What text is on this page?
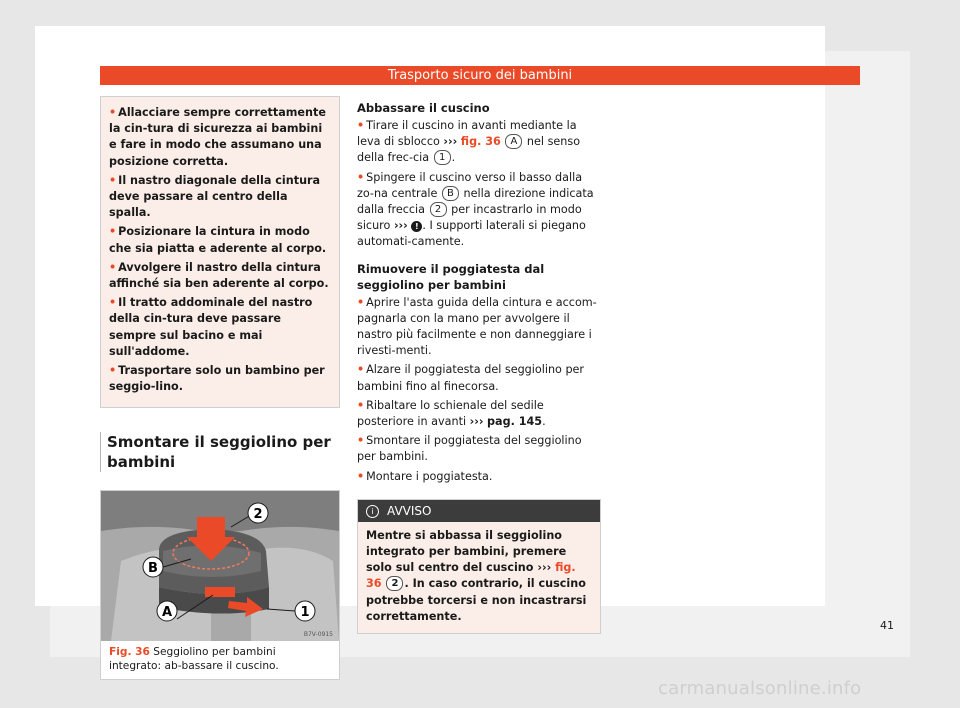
Trasporto sicuro dei bambini

• Allacciare sempre correttamente la cin-tura di sicurezza ai bambini e fare in modo che assumano una posizione corretta.

• Il nastro diagonale della cintura deve passare al centro della spalla.

• Posizionare la cintura in modo che sia piatta e aderente al corpo.

• Avvolgere il nastro della cintura affinché sia ben aderente al corpo.

• Il tratto addominale del nastro della cin-tura deve passare sempre sul bacino e mai sull'addome.

• Trasportare solo un bambino per seggio-lino.

Smontare il seggiolino per bambini
2
B
A	1
B7V-0915
Fig. 36 Seggiolino per bambini integrato: ab-bassare il cuscino.
Abbassare il cuscino

• Tirare il cuscino in avanti mediante la leva di sblocco ››› fig. 36 A nel senso della frec-cia 1 .

• Spingere il cuscino verso il basso dalla zo-na centrale B nella direzione indicata dalla freccia 2 per incastrarlo in modo sicuro ››› ! . I supporti laterali si piegano automati-camente.

Rimuovere il poggiatesta dal seggiolino per bambini

• Aprire l'asta guida della cintura e accom-pagnarla con la mano per avvolgere il nastro più facilmente e non danneggiare i rivesti-menti.

• Alzare il poggiatesta del seggiolino per bambini fino al finecorsa.

• Ribaltare lo schienale del sedile posteriore in avanti ››› pag. 145.

• Smontare il poggiatesta del seggiolino per bambini.

• Montare i poggiatesta.

i AVVISO
Mentre si abbassa il seggiolino integrato per bambini, premere solo sul centro del cuscino ››› fig. 36 2 . In caso contrario, il cuscino potrebbe torcersi e non incastrarsi correttamente.
41
carmanualsonline.info
